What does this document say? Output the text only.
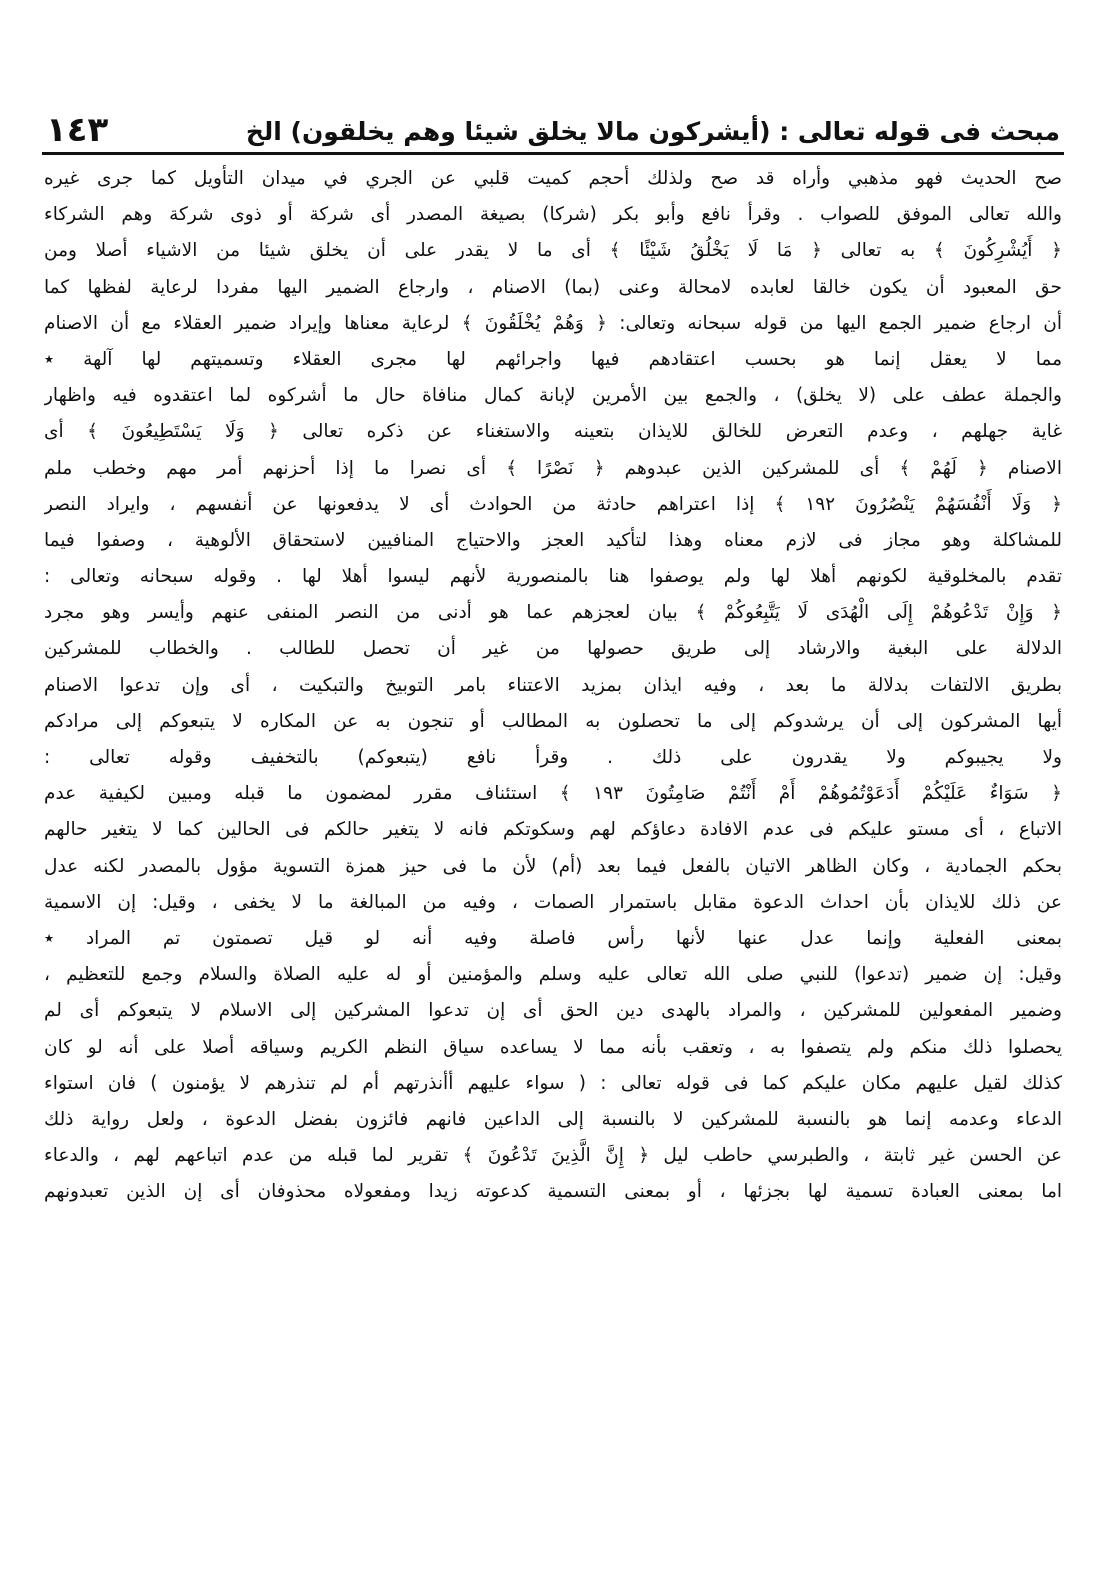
مبحث فى قوله تعالى : (أيشركون مالا يخلق شيئا وهم يخلقون) الخ
١٤٣
صح الحديث فهو مذهبي وأراه قد صح ولذلك أحجم كميت قلبي عن الجري في ميدان التأويل كما جرى غيره
والله تعالى الموفق للصواب . وقرأ نافع وأبو بكر (شركا) بصيغة المصدر أى شركة أو ذوى شركة وهم الشركاء
﴿ أَيُشْرِكُونَ ﴾ به تعالى ﴿ مَا لَا يَخْلُقُ شَيْئًا ﴾ أى ما لا يقدر على أن يخلق شيئا من الاشياء أصلا ومن
حق المعبود أن يكون خالقا لعابده لامحالة وعنى (بما) الاصنام ، وارجاع الضمير اليها مفردا لرعاية لفظها كما
أن ارجاع ضمير الجمع اليها من قوله سبحانه وتعالى: ﴿ وَهُمْ يُخْلَقُونَ ﴾ لرعاية معناها وإيراد ضمير العقلاء مع أن الاصنام
مما لا يعقل إنما هو بحسب اعتقادهم فيها واجرائهم لها مجرى العقلاء وتسميتهم لها آلهة ٭
والجملة عطف على (لا يخلق) ، والجمع بين الأمرين لإبانة كمال منافاة حال ما أشركوه لما اعتقدوه فيه واظهار
غاية جهلهم ، وعدم التعرض للخالق للايذان بتعينه والاستغناء عن ذكره تعالى ﴿ وَلَا يَسْتَطِيعُونَ ﴾ أى
الاصنام ﴿ لَهُمْ ﴾ أى للمشركين الذين عبدوهم ﴿ نَصْرًا ﴾ أى نصرا ما إذا أحزنهم أمر مهم وخطب ملم
﴿ وَلَا أَنْفُسَهُمْ يَنْصُرُونَ ١٩٢ ﴾ إذا اعتراهم حادثة من الحوادث أى لا يدفعونها عن أنفسهم ، وايراد النصر
للمشاكلة وهو مجاز فى لازم معناه وهذا لتأكيد العجز والاحتياج المنافيين لاستحقاق الألوهية ، وصفوا فيما
تقدم بالمخلوقية لكونهم أهلا لها ولم يوصفوا هنا بالمنصورية لأنهم ليسوا أهلا لها . وقوله سبحانه وتعالى :
﴿ وَإِنْ تَدْعُوهُمْ إِلَى الْهُدَى لَا يَتَّبِعُوكُمْ ﴾ بيان لعجزهم عما هو أدنى من النصر المنفى عنهم وأيسر وهو مجرد
الدلالة على البغية والارشاد إلى طريق حصولها من غير أن تحصل للطالب . والخطاب للمشركين
بطريق الالتفات بدلالة ما بعد ، وفيه ايذان بمزيد الاعتناء بامر التوبيخ والتبكيت ، أى وإن تدعوا الاصنام
أيها المشركون إلى أن يرشدوكم إلى ما تحصلون به المطالب أو تنجون به عن المكاره لا يتبعوكم إلى مرادكم
ولا يجيبوكم ولا يقدرون على ذلك . وقرأ نافع (يتبعوكم) بالتخفيف وقوله تعالى :
﴿ سَوَاءٌ عَلَيْكُمْ أَدَعَوْتُمُوهُمْ أَمْ أَنْتُمْ صَامِتُونَ ١٩٣ ﴾ استئناف مقرر لمضمون ما قبله ومبين لكيفية عدم
الاتباع ، أى مستو عليكم فى عدم الافادة دعاؤكم لهم وسكوتكم فانه لا يتغير حالكم فى الحالين كما لا يتغير حالهم
بحكم الجمادية ، وكان الظاهر الاتيان بالفعل فيما بعد (أم) لأن ما فى حيز همزة التسوية مؤول بالمصدر لكنه عدل
عن ذلك للايذان بأن احداث الدعوة مقابل باستمرار الصمات ، وفيه من المبالغة ما لا يخفى ، وقيل: إن الاسمية
بمعنى الفعلية وإنما عدل عنها لأنها رأس فاصلة وفيه أنه لو قيل تصمتون تم المراد ٭
وقيل: إن ضمير (تدعوا) للنبي صلى الله تعالى عليه وسلم والمؤمنين أو له عليه الصلاة والسلام وجمع للتعظيم ،
وضمير المفعولين للمشركين ، والمراد بالهدى دين الحق أى إن تدعوا المشركين إلى الاسلام لا يتبعوكم أى لم
يحصلوا ذلك منكم ولم يتصفوا به ، وتعقب بأنه مما لا يساعده سياق النظم الكريم وسياقه أصلا على أنه لو كان
كذلك لقيل عليهم مكان عليكم كما فى قوله تعالى : ( سواء عليهم أأنذرتهم أم لم تنذرهم لا يؤمنون ) فان استواء
الدعاء وعدمه إنما هو بالنسبة للمشركين لا بالنسبة إلى الداعين فانهم فائزون بفضل الدعوة ، ولعل رواية ذلك
عن الحسن غير ثابتة ، والطبرسي حاطب ليل ﴿ إِنَّ الَّذِينَ تَدْعُونَ ﴾ تقرير لما قبله من عدم اتباعهم لهم ، والدعاء
اما بمعنى العبادة تسمية لها بجزئها ، أو بمعنى التسمية كدعوته زيدا ومفعولاه محذوفان أى إن الذين تعبدونهم
